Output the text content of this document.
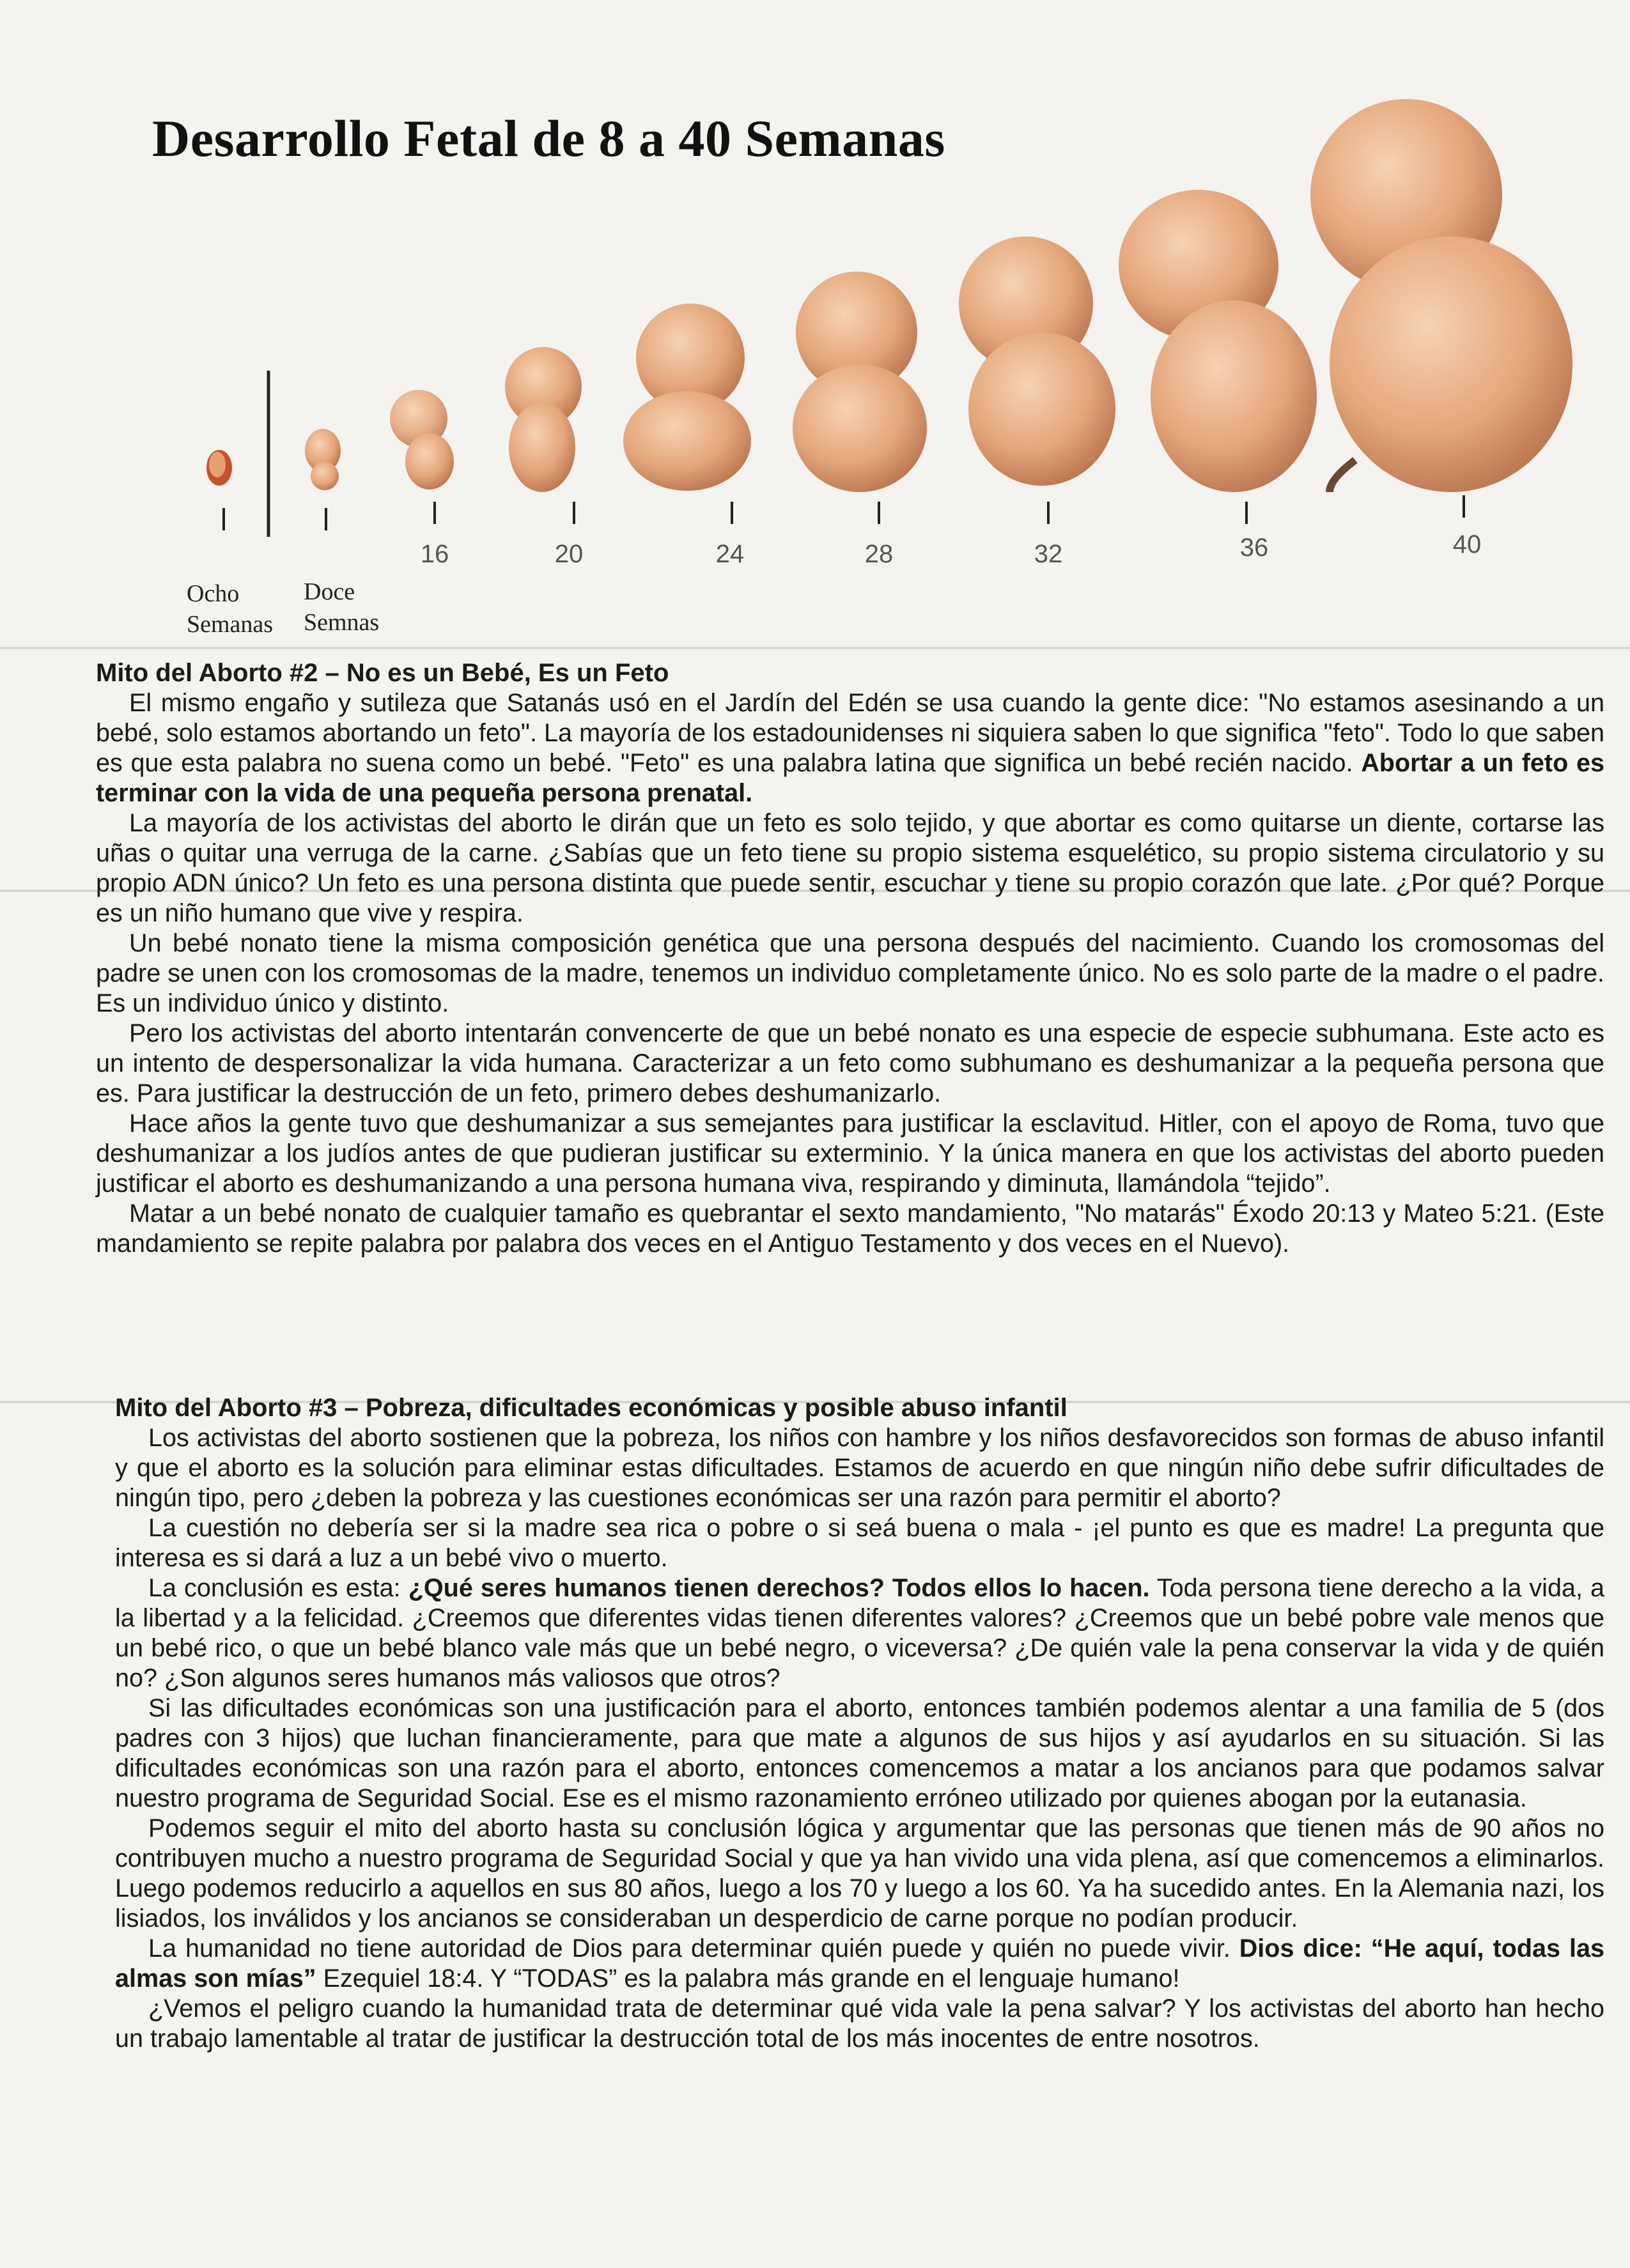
Desarrollo Fetal de 8 a 40 Semanas
16	20	24	28	32	36	40
Ocho
Semanas
Doce
Semnas

Mito del Aborto #2 – No es un Bebé, Es un Feto

El mismo engaño y sutileza que Satanás usó en el Jardín del Edén se usa cuando la gente dice: "No estamos asesinando a un bebé, solo estamos abortando un feto". La mayoría de los estadounidenses ni siquiera saben lo que significa "feto". Todo lo que saben es que esta palabra no suena como un bebé. "Feto" es una palabra latina que significa un bebé recién nacido. Abortar a un feto es terminar con la vida de una pequeña persona prenatal.

La mayoría de los activistas del aborto le dirán que un feto es solo tejido, y que abortar es como quitarse un diente, cortarse las uñas o quitar una verruga de la carne. ¿Sabías que un feto tiene su propio sistema esquelético, su propio sistema circulatorio y su propio ADN único? Un feto es una persona distinta que puede sentir, escuchar y tiene su propio corazón que late. ¿Por qué? Porque es un niño humano que vive y respira.

Un bebé nonato tiene la misma composición genética que una persona después del nacimiento. Cuando los cromosomas del padre se unen con los cromosomas de la madre, tenemos un individuo completamente único. No es solo parte de la madre o el padre. Es un individuo único y distinto.

Pero los activistas del aborto intentarán convencerte de que un bebé nonato es una especie de especie subhumana. Este acto es un intento de despersonalizar la vida humana. Caracterizar a un feto como subhumano es deshumanizar a la pequeña persona que es. Para justificar la destrucción de un feto, primero debes deshumanizarlo.

Hace años la gente tuvo que deshumanizar a sus semejantes para justificar la esclavitud. Hitler, con el apoyo de Roma, tuvo que deshumanizar a los judíos antes de que pudieran justificar su exterminio. Y la única manera en que los activistas del aborto pueden justificar el aborto es deshumanizando a una persona humana viva, respirando y diminuta, llamándola “tejido”.

Matar a un bebé nonato de cualquier tamaño es quebrantar el sexto mandamiento, "No matarás" Éxodo 20:13 y Mateo 5:21. (Este mandamiento se repite palabra por palabra dos veces en el Antiguo Testamento y dos veces en el Nuevo).

Mito del Aborto #3 – Pobreza, dificultades económicas y posible abuso infantil

Los activistas del aborto sostienen que la pobreza, los niños con hambre y los niños desfavorecidos son formas de abuso infantil y que el aborto es la solución para eliminar estas dificultades. Estamos de acuerdo en que ningún niño debe sufrir dificultades de ningún tipo, pero ¿deben la pobreza y las cuestiones económicas ser una razón para permitir el aborto?

La cuestión no debería ser si la madre sea rica o pobre o si seá buena o mala - ¡el punto es que es madre! La pregunta que interesa es si dará a luz a un bebé vivo o muerto.

La conclusión es esta: ¿Qué seres humanos tienen derechos? Todos ellos lo hacen. Toda persona tiene derecho a la vida, a la libertad y a la felicidad. ¿Creemos que diferentes vidas tienen diferentes valores? ¿Creemos que un bebé pobre vale menos que un bebé rico, o que un bebé blanco vale más que un bebé negro, o viceversa? ¿De quién vale la pena conservar la vida y de quién no? ¿Son algunos seres humanos más valiosos que otros?

Si las dificultades económicas son una justificación para el aborto, entonces también podemos alentar a una familia de 5 (dos padres con 3 hijos) que luchan financieramente, para que mate a algunos de sus hijos y así ayudarlos en su situación. Si las dificultades económicas son una razón para el aborto, entonces comencemos a matar a los ancianos para que podamos salvar nuestro programa de Seguridad Social. Ese es el mismo razonamiento erróneo utilizado por quienes abogan por la eutanasia.

Podemos seguir el mito del aborto hasta su conclusión lógica y argumentar que las personas que tienen más de 90 años no contribuyen mucho a nuestro programa de Seguridad Social y que ya han vivido una vida plena, así que comencemos a eliminarlos. Luego podemos reducirlo a aquellos en sus 80 años, luego a los 70 y luego a los 60. Ya ha sucedido antes. En la Alemania nazi, los lisiados, los inválidos y los ancianos se consideraban un desperdicio de carne porque no podían producir.

La humanidad no tiene autoridad de Dios para determinar quién puede y quién no puede vivir. Dios dice: “He aquí, todas las almas son mías” Ezequiel 18:4. Y “TODAS” es la palabra más grande en el lenguaje humano!

¿Vemos el peligro cuando la humanidad trata de determinar qué vida vale la pena salvar? Y los activistas del aborto han hecho un trabajo lamentable al tratar de justificar la destrucción total de los más inocentes de entre nosotros.
